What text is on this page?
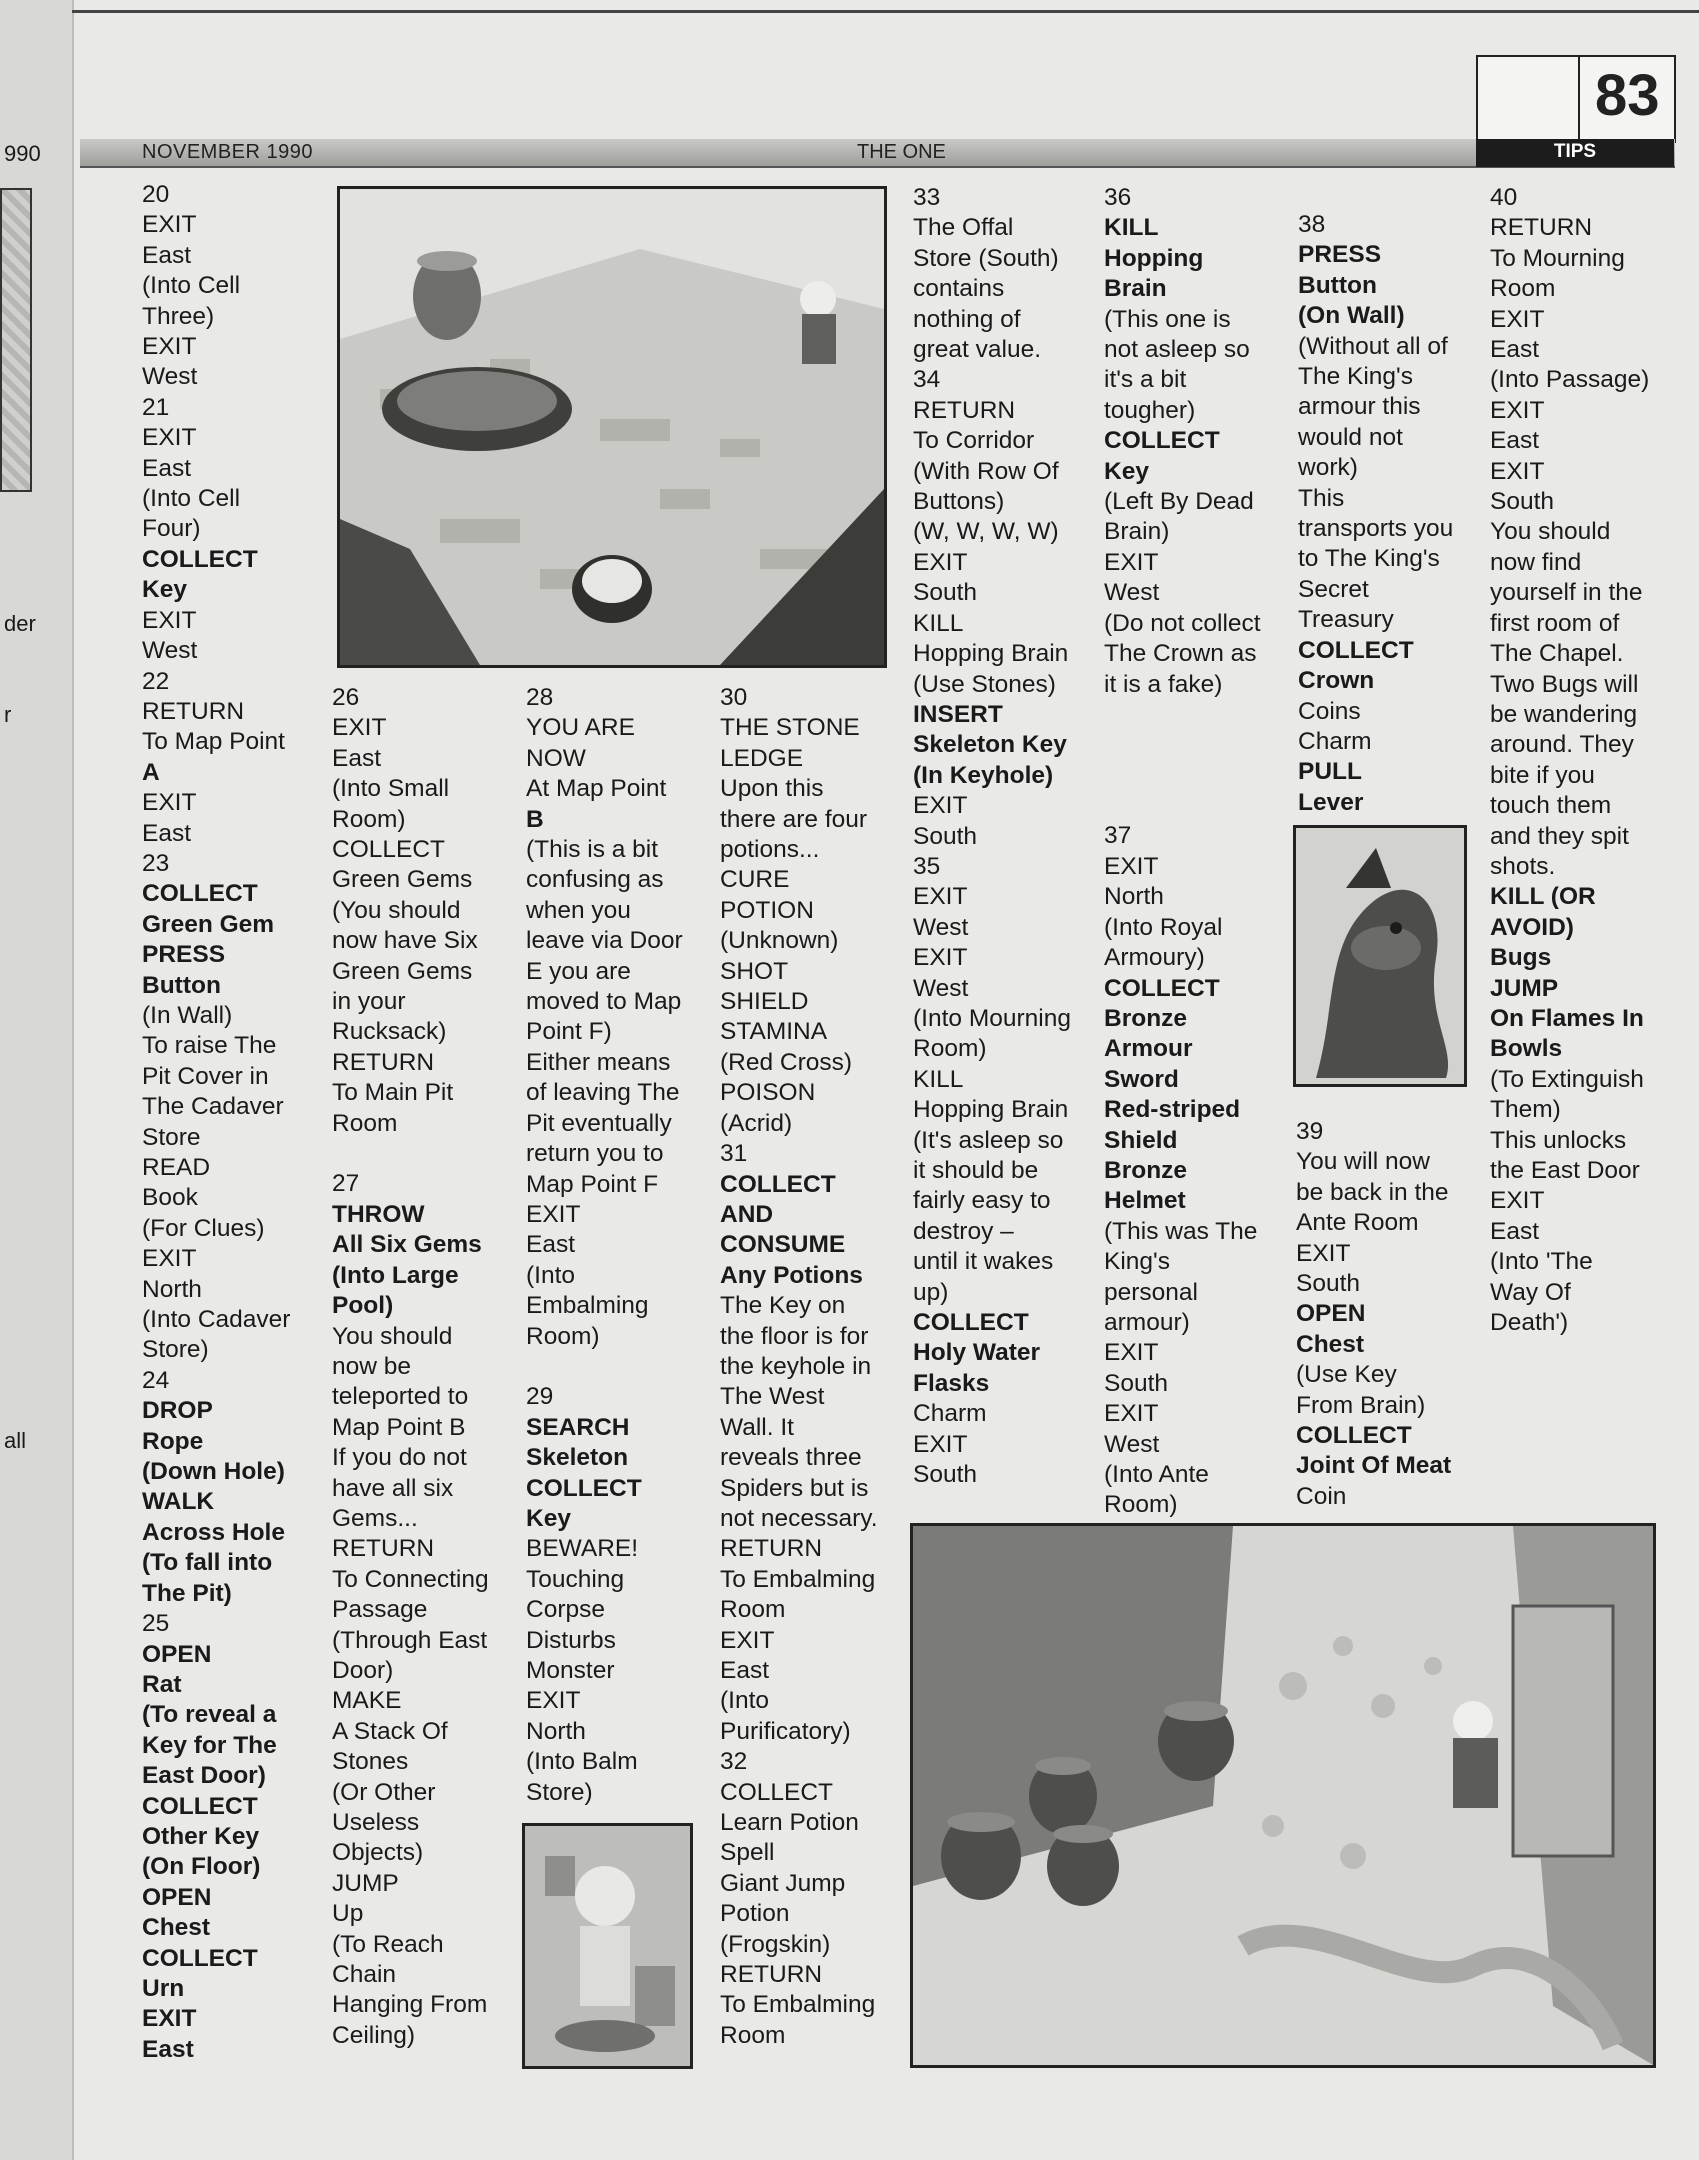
990
der
r
all
83
NOVEMBER 1990	THE ONE	TIPS
20
EXIT
East
(Into Cell
Three)
EXIT
West
21
EXIT
East
(Into Cell
Four)
COLLECT
Key
EXIT
West
22
RETURN
To Map Point
A
EXIT
East
23
COLLECT
Green Gem
PRESS
Button
(In Wall)
To raise The
Pit Cover in
The Cadaver
Store
READ
Book
(For Clues)
EXIT
North
(Into Cadaver
Store)
24
DROP
Rope
(Down Hole)
WALK
Across Hole
(To fall into
The Pit)
25
OPEN
Rat
(To reveal a
Key for The
East Door)
COLLECT
Other Key
(On Floor)
OPEN
Chest
COLLECT
Urn
EXIT
East
26
EXIT
East
(Into Small
Room)
COLLECT
Green Gems
(You should
now have Six
Green Gems
in your
Rucksack)
RETURN
To Main Pit
Room
27
THROW
All Six Gems
(Into Large
Pool)
You should
now be
teleported to
Map Point B
If you do not
have all six
Gems...
RETURN
To Connecting
Passage
(Through East
Door)
MAKE
A Stack Of
Stones
(Or Other
Useless
Objects)
JUMP
Up
(To Reach
Chain
Hanging From
Ceiling)
28
YOU ARE
NOW
At Map Point
B
(This is a bit
confusing as
when you
leave via Door
E you are
moved to Map
Point F)
Either means
of leaving The
Pit eventually
return you to
Map Point F
EXIT
East
(Into
Embalming
Room)
29
SEARCH
Skeleton
COLLECT
Key
BEWARE!
Touching
Corpse
Disturbs
Monster
EXIT
North
(Into Balm
Store)
30
THE STONE
LEDGE
Upon this
there are four
potions...
CURE
POTION
(Unknown)
SHOT
SHIELD
STAMINA
(Red Cross)
POISON
(Acrid)
31
COLLECT
AND
CONSUME
Any Potions
The Key on
the floor is for
the keyhole in
The West
Wall. It
reveals three
Spiders but is
not necessary.
RETURN
To Embalming
Room
EXIT
East
(Into
Purificatory)
32
COLLECT
Learn Potion
Spell
Giant Jump
Potion
(Frogskin)
RETURN
To Embalming
Room
33
The Offal
Store (South)
contains
nothing of
great value.
34
RETURN
To Corridor
(With Row Of
Buttons)
(W, W, W, W)
EXIT
South
KILL
Hopping Brain
(Use Stones)
INSERT
Skeleton Key
(In Keyhole)
EXIT
South
35
EXIT
West
EXIT
West
(Into Mourning
Room)
KILL
Hopping Brain
(It's asleep so
it should be
fairly easy to
destroy –
until it wakes
up)
COLLECT
Holy Water
Flasks
Charm
EXIT
South
36
KILL
Hopping
Brain
(This one is
not asleep so
it's a bit
tougher)
COLLECT
Key
(Left By Dead
Brain)
EXIT
West
(Do not collect
The Crown as
it is a fake)
37
EXIT
North
(Into Royal
Armoury)
COLLECT
Bronze
Armour
Sword
Red-striped
Shield
Bronze
Helmet
(This was The
King's
personal
armour)
EXIT
South
EXIT
West
(Into Ante
Room)
38
PRESS
Button
(On Wall)
(Without all of
The King's
armour this
would not
work)
This
transports you
to The King's
Secret
Treasury
COLLECT
Crown
Coins
Charm
PULL
Lever
39
You will now
be back in the
Ante Room
EXIT
South
OPEN
Chest
(Use Key
From Brain)
COLLECT
Joint Of Meat
Coin
40
RETURN
To Mourning
Room
EXIT
East
(Into Passage)
EXIT
East
EXIT
South
You should
now find
yourself in the
first room of
The Chapel.
Two Bugs will
be wandering
around. They
bite if you
touch them
and they spit
shots.
KILL (OR
AVOID)
Bugs
JUMP
On Flames In
Bowls
(To Extinguish
Them)
This unlocks
the East Door
EXIT
East
(Into 'The
Way Of
Death')
